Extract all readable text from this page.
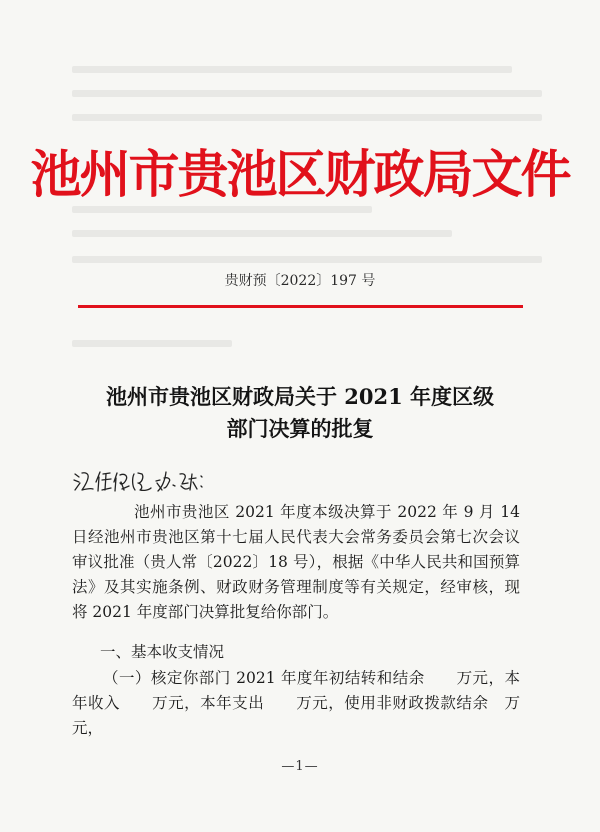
池州市贵池区财政局文件
贵财预〔2022〕197 号
池州市贵池区财政局关于 2021 年度区级
部门决算的批复

池州市贵池区 2021 年度本级决算于 2022 年 9 月 14 日经池州市贵池区第十七届人民代表大会常务委员会第七次会议审议批准（贵人常〔2022〕18 号），根据《中华人民共和国预算法》及其实施条例、财政财务管理制度等有关规定，经审核，现将 2021 年度部门决算批复给你部门。

一、基本收支情况

（一）核定你部门 2021 年度年初结转和结余　　万元，本年收入　　万元，本年支出　　万元，使用非财政拨款结余　万元，

—1—
